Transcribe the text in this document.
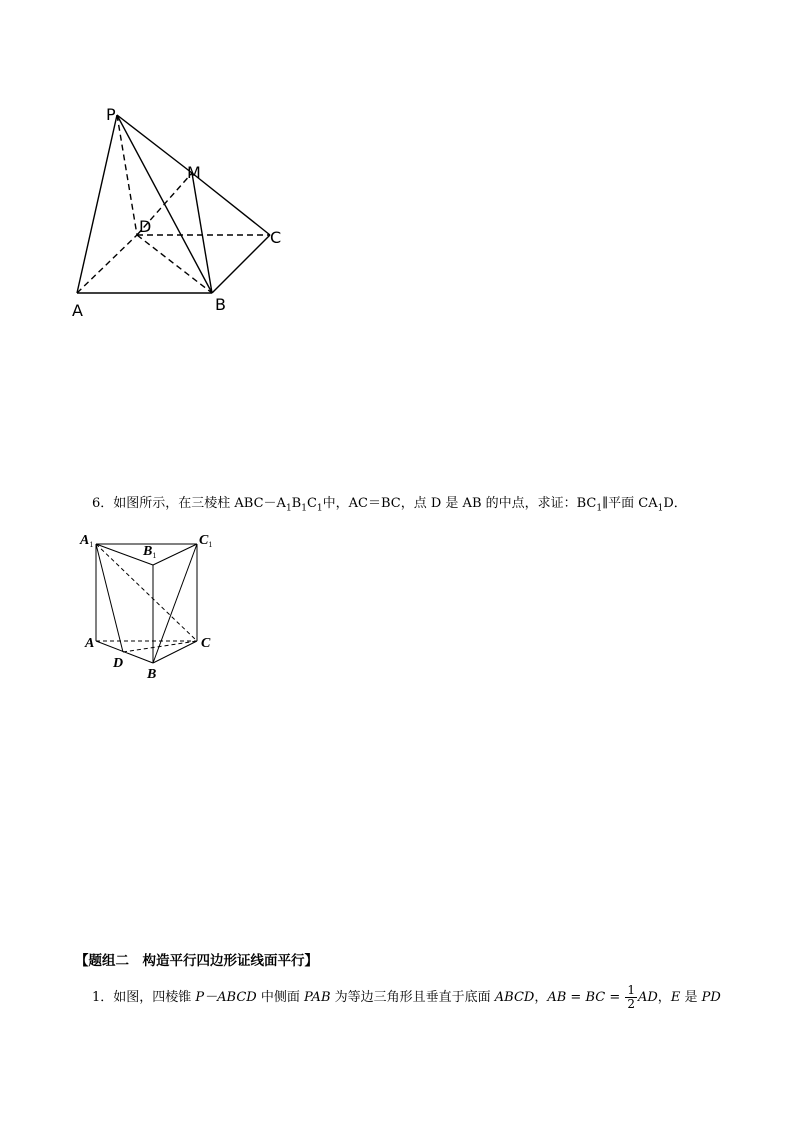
P
M
D
C
A	B
6．如图所示，在三棱柱 $ABC-A_1B_1C_1$中，AC＝BC，点 D 是 AB 的中点，求证：$BC_1\parallel$平面 $CA_1D$．
$A_1$	$B_1$
$C_1$
A	C
D
B
【题组二　构造平行四边形证线面平行】
1．如图，四棱锥 P－ABCD 中侧面 PAB 为等边三角形且垂直于底面 ABCD，AB = BC = $\frac{1}{2}$ AD，E 是 PD
